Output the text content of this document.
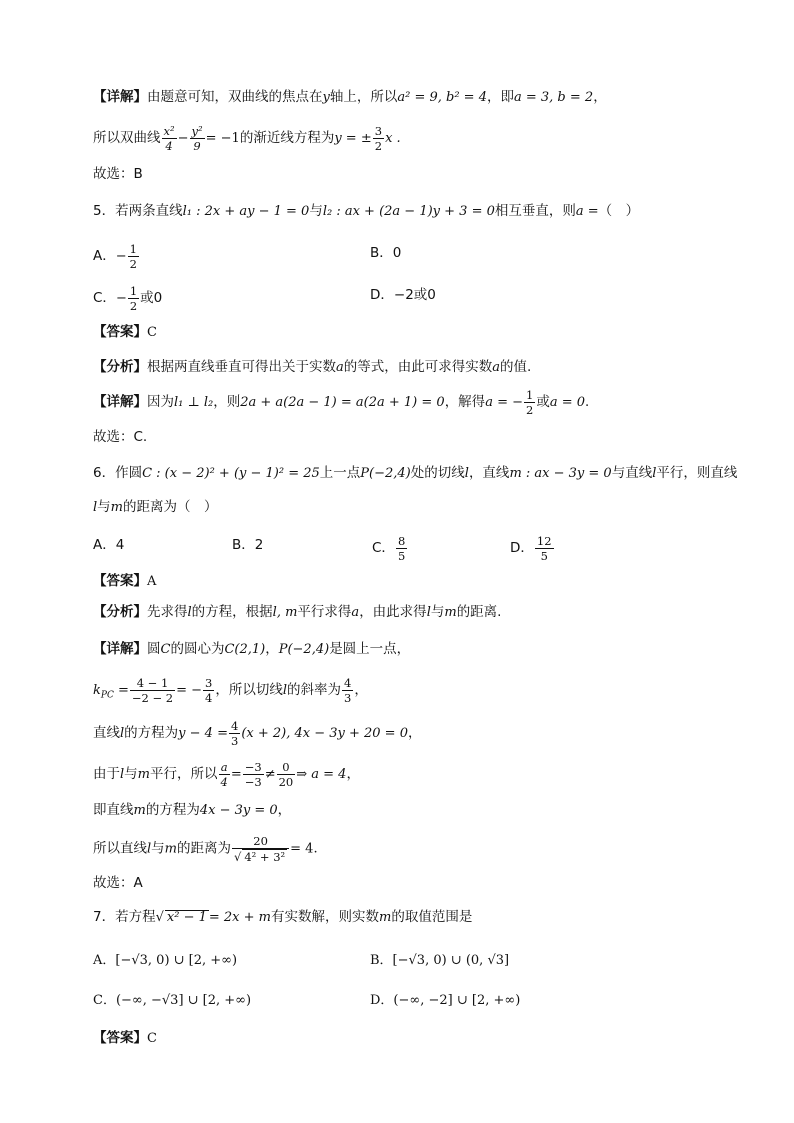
【详解】由题意可知，双曲线的焦点在y轴上，所以a² = 9, b² = 4，即a = 3, b = 2，
所以双曲线 $\frac{\text{x²}}{4} - \frac{\text{y²}}{9} = -1$的渐近线方程为y = ± $\frac{3}{2}$ x .
故选：B
5．若两条直线l₁ : 2x + ay − 1 = 0与l₂ : ax + (2a − 1)y + 3 = 0相互垂直，则a =（　）
A．− $\frac{1}{2}$	B．0
C．− $\frac{1}{2}$ 或0	D．−2或0
【答案】C
【分析】根据两直线垂直可得出关于实数a的等式，由此可求得实数a的值.
【详解】因为l₁ ⊥ l₂，则2a + a(2a − 1) = a(2a + 1) = 0，解得a = − $\frac{1}{2}$ 或a = 0.
故选：C.
6．作圆C : (x − 2)² + (y − 1)² = 25上一点P(−2,4)处的切线l，直线m : ax − 3y = 0与直线l平行，则直线
l与m的距离为（　）
A．4	B．2	C． $\frac{8}{5}$	D． $\frac{12}{5}$
【答案】A
【分析】先求得l的方程，根据l, m平行求得a，由此求得l与m的距离.
【详解】圆C的圆心为C(2,1)，P(−2,4)是圆上一点，
$k_{PC} = \frac{4 - 1}{-2 - 2}$ = − $\frac{3}{4}$ ，所以切线l的斜率为 $\frac{4}{3}$ ，
直线l的方程为$y - 4 = \frac{4}{3} (x + 2)$, 4x − 3y + 20 = 0，
由于l与m平行，所以 $\frac{a}{4} = \frac{-3}{-3} \ne \frac{0}{20}$ ⇒ a = 4，
即直线m的方程为4x − 3y = 0，
所以直线l与m的距离为 $\frac{20}{\text{√ 4² + 3²}} = 4$.
故选：A
7．若方程√ x² − 1 = 2x + m有实数解，则实数m的取值范围是
A．[−√3, 0) ∪ [2, +∞)	B．[−√3, 0) ∪ (0, √3]
C．(−∞, −√3] ∪ [2, +∞)	D．(−∞, −2] ∪ [2, +∞)
【答案】C
